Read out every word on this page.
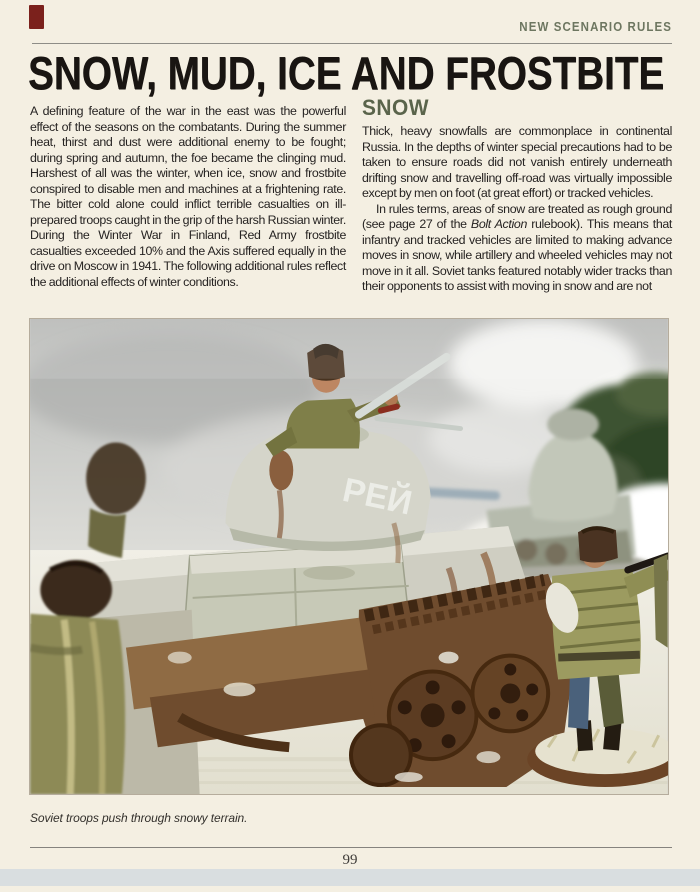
NEW SCENARIO RULES
SNOW, MUD, ICE AND FROSTBITE

A defining feature of the war in the east was the powerful effect of the seasons on the combatants. During the summer heat, thirst and dust were additional enemy to be fought; during spring and autumn, the foe became the clinging mud. Harshest of all was the winter, when ice, snow and frostbite conspired to disable men and machines at a frightening rate. The bitter cold alone could inflict terrible casualties on ill-prepared troops caught in the grip of the harsh Russian winter. During the Winter War in Finland, Red Army frostbite casualties exceeded 10% and the Axis suffered equally in the drive on Moscow in 1941. The following additional rules reflect the additional effects of winter conditions.

SNOW

Thick, heavy snowfalls are commonplace in continental Russia. In the depths of winter special precautions had to be taken to ensure roads did not vanish entirely underneath drifting snow and travelling off-road was virtually impossible except by men on foot (at great effort) or tracked vehicles.

In rules terms, areas of snow are treated as rough ground (see page 27 of the Bolt Action rulebook). This means that infantry and tracked vehicles are limited to making advance moves in snow, while artillery and wheeled vehicles may not move in it all. Soviet tanks featured notably wider tracks than their opponents to assist with moving in snow and are not

РЕЙ
Soviet troops push through snowy terrain.
99
